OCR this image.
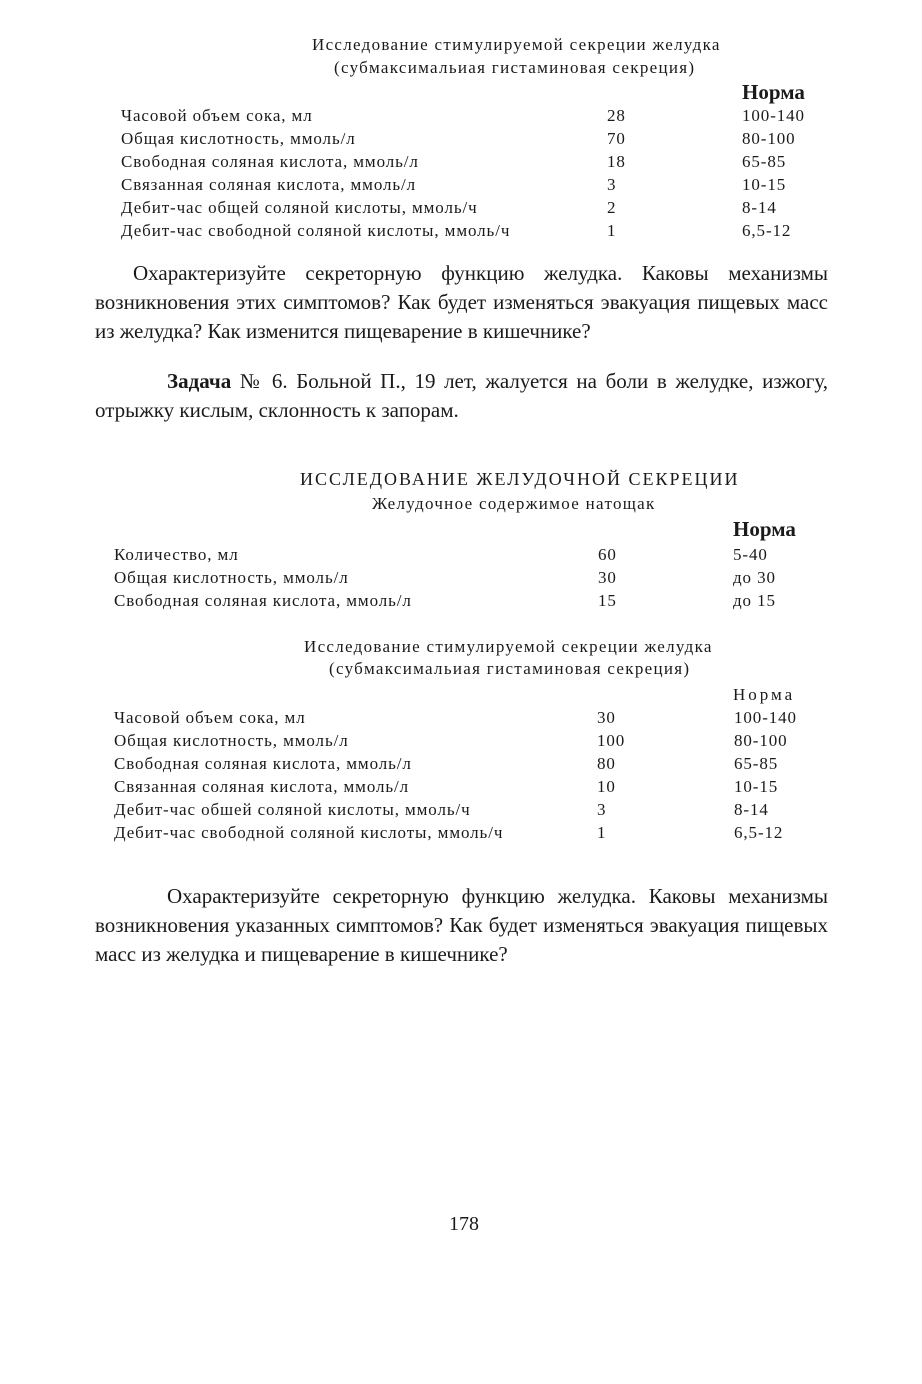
Исследование стимулируемой секреции желудка
(субмаксимальиая гистаминовая секреция)
Норма
Часовой объем сока, мл	28	100-140
Общая кислотность, ммоль/л	70	80-100
Свободная соляная кислота, ммоль/л	18	65-85
Связанная соляная кислота, ммоль/л	3	10-15
Дебит-час общей соляной кислоты, ммоль/ч	2	8-14
Дебит-час свободной соляной кислоты, ммоль/ч	1	6,5-12

Охарактеризуйте секреторную функцию желудка. Каковы механизмы возникновения этих симптомов? Как будет изменяться эвакуация пищевых масс из желудка? Как изменится пищеварение в кишечнике?

Задача № 6. Больной П., 19 лет, жалуется на боли в желудке, изжогу, отрыжку кислым, склонность к запорам.

ИССЛЕДОВАНИЕ ЖЕЛУДОЧНОЙ СЕКРЕЦИИ
Желудочное содержимое натощак
Норма
Количество, мл	60	5-40
Общая кислотность, ммоль/л	30	до 30
Свободная соляная кислота, ммоль/л	15	до 15
Исследование стимулируемой секреции желудка
(субмаксимальиая гистаминовая секреция)
Норма
Часовой объем сока, мл	30	100-140
Общая кислотность, ммоль/л	100	80-100
Свободная соляная кислота, ммоль/л	80	65-85
Связанная соляная кислота, ммоль/л	10	10-15
Дебит-час обшей соляной кислоты, ммоль/ч	3	8-14
Дебит-час свободной соляной кислоты, ммоль/ч	1	6,5-12

Охарактеризуйте секреторную функцию желудка. Каковы механизмы возникновения указанных симптомов? Как будет изменяться эвакуация пищевых масс из желудка и пищеварение в кишечнике?

178
